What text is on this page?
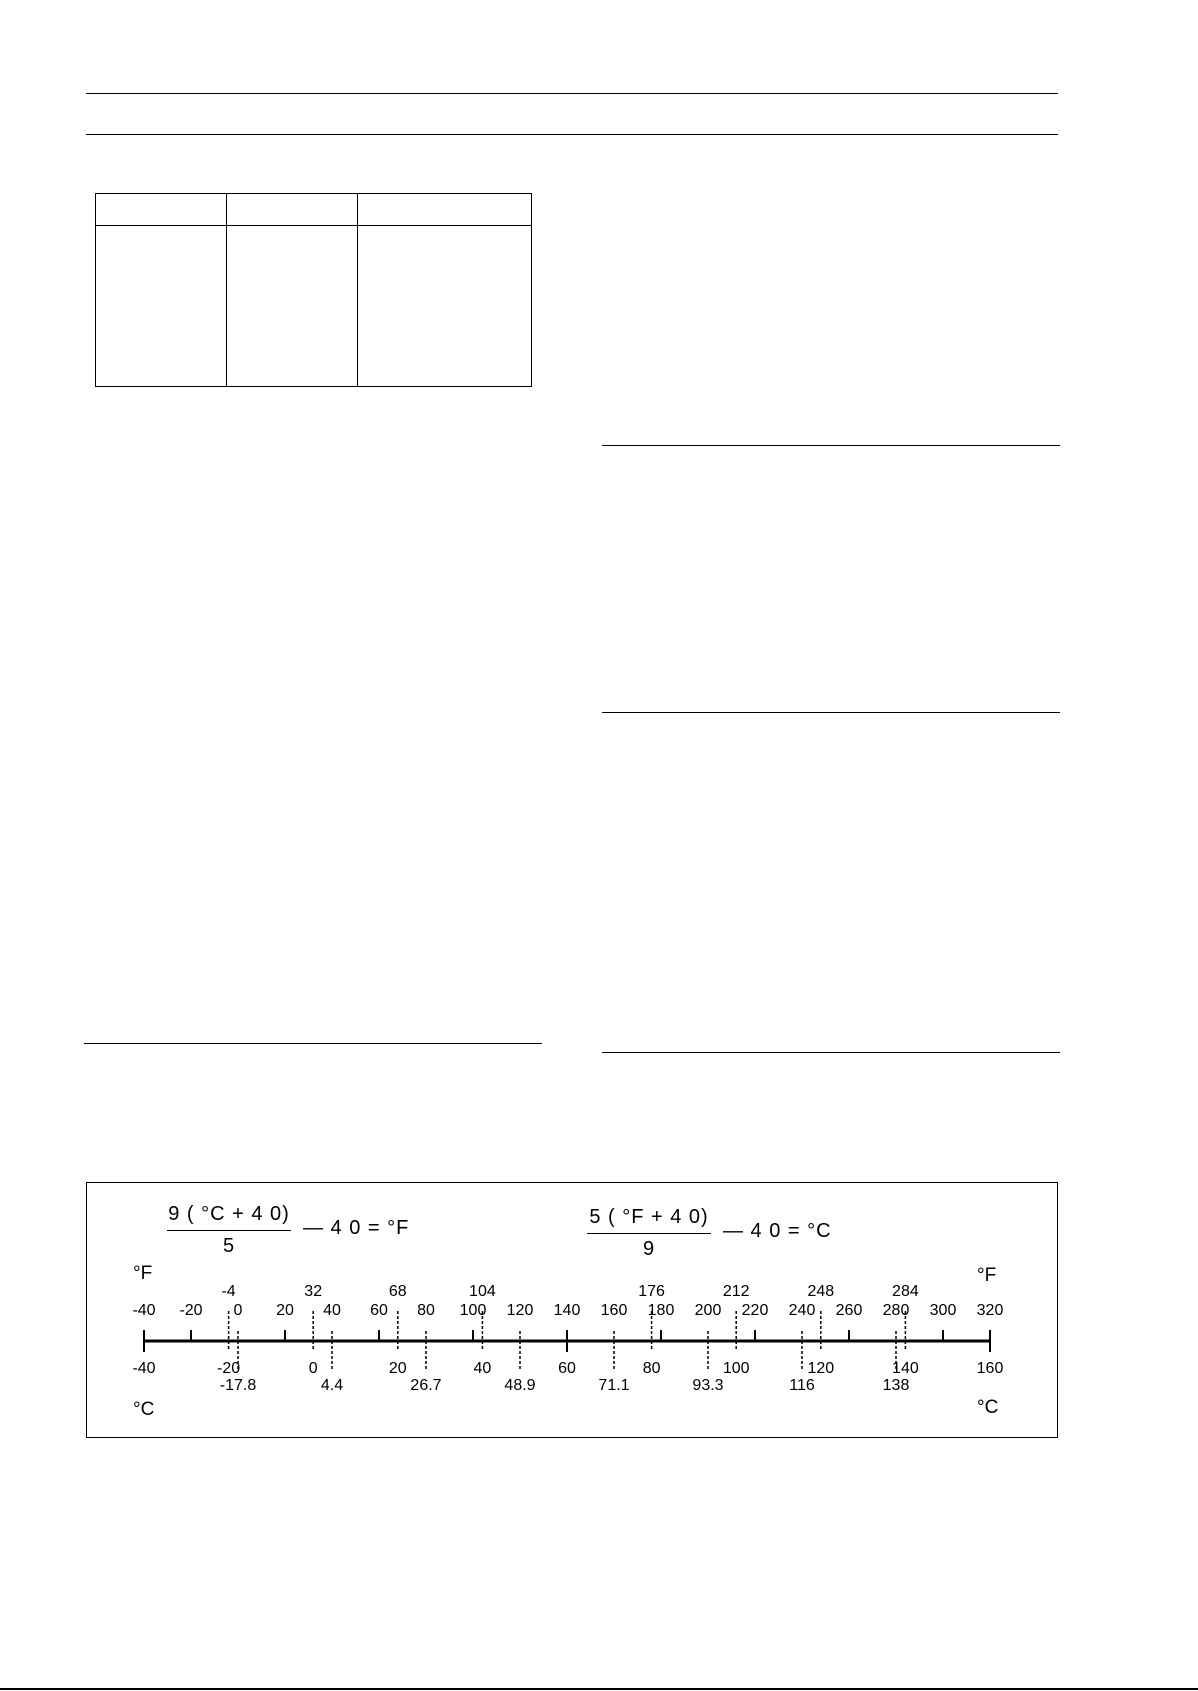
9 ( °C + 4 0)
5
— 4 0 = °F	5 ( °F + 4 0)
9
— 4 0 = °C
°F	°F
°C	°C
-40 -20 0 20 40 60 80 100 120 140 160 180 200 220 240 260 280 300 320
-40	-20	0	20	40	60	80	100	120	140	160
-4	32	68	104	176	212	248	284
-17.8	4.4	26.7	48.9	71.1	93.3	116	138
